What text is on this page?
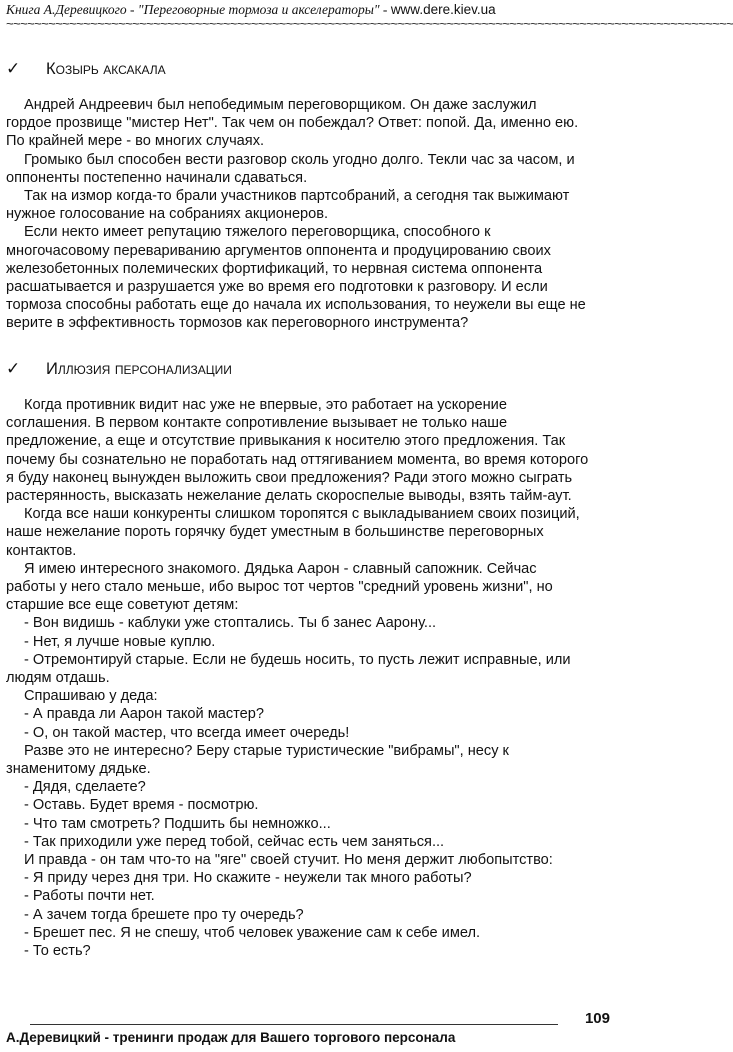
Книга А.Деревицкого - "Переговорные тормоза и акселераторы" - www.dere.kiev.ua
~~~~~~~~~~~~~~~~~~~~~~~~~~~~~~~~~~~~~~~~~~~~~~~~~~~~~~~~~~~~~~~~~~~~~~~~~~~~~~~~~~~~~~~~~~~~~~~~~~~~~~~~
✓ Козырь аксакала
Андрей Андреевич был непобедимым переговорщиком. Он даже заслужил
гордое прозвище "мистер Нет". Так чем он побеждал? Ответ: попой. Да, именно ею.
По крайней мере - во многих случаях.
Громыко был способен вести разговор сколь угодно долго. Текли час за часом, и
оппоненты постепенно начинали сдаваться.
Так на измор когда-то брали участников партсобраний, а сегодня так выжимают
нужное голосование на собраниях акционеров.
Если некто имеет репутацию тяжелого переговорщика, способного к
многочасовому перевариванию аргументов оппонента и продуцированию своих
железобетонных полемических фортификаций, то нервная система оппонента
расшатывается и разрушается уже во время его подготовки к разговору. И если
тормоза способны работать еще до начала их использования, то неужели вы еще не
верите в эффективность тормозов как переговорного инструмента?
✓ Иллюзия персонализации
Когда противник видит нас уже не впервые, это работает на ускорение
соглашения. В первом контакте сопротивление вызывает не только наше
предложение, а еще и отсутствие привыкания к носителю этого предложения. Так
почему бы сознательно не поработать над оттягиванием момента, во время которого
я буду наконец вынужден выложить свои предложения? Ради этого можно сыграть
растерянность, высказать нежелание делать скороспелые выводы, взять тайм-аут.
Когда все наши конкуренты слишком торопятся с выкладыванием своих позиций,
наше нежелание пороть горячку будет уместным в большинстве переговорных
контактов.
Я имею интересного знакомого. Дядька Аарон - славный сапожник. Сейчас
работы у него стало меньше, ибо вырос тот чертов "средний уровень жизни", но
старшие все еще советуют детям:
- Вон видишь - каблуки уже стоптались. Ты б занес Аарону...
- Нет, я лучше новые куплю.
- Отремонтируй старые. Если не будешь носить, то пусть лежит исправные, или
людям отдашь.
Спрашиваю у деда:
- А правда ли Аарон такой мастер?
- О, он такой мастер, что всегда имеет очередь!
Разве это не интересно? Беру старые туристические "вибрамы", несу к
знаменитому дядьке.
- Дядя, сделаете?
- Оставь. Будет время - посмотрю.
- Что там смотреть? Подшить бы немножко...
- Так приходили уже перед тобой, сейчас есть чем заняться...
И правда - он там что-то на "яге" своей стучит. Но меня держит любопытство:
- Я приду через дня три. Но скажите - неужели так много работы?
- Работы почти нет.
- А зачем тогда брешете про ту очередь?
- Брешет пес. Я не спешу, чтоб человек уважение сам к себе имел.
- То есть?
109
А.Деревицкий - тренинги продаж для Вашего торгового персонала
